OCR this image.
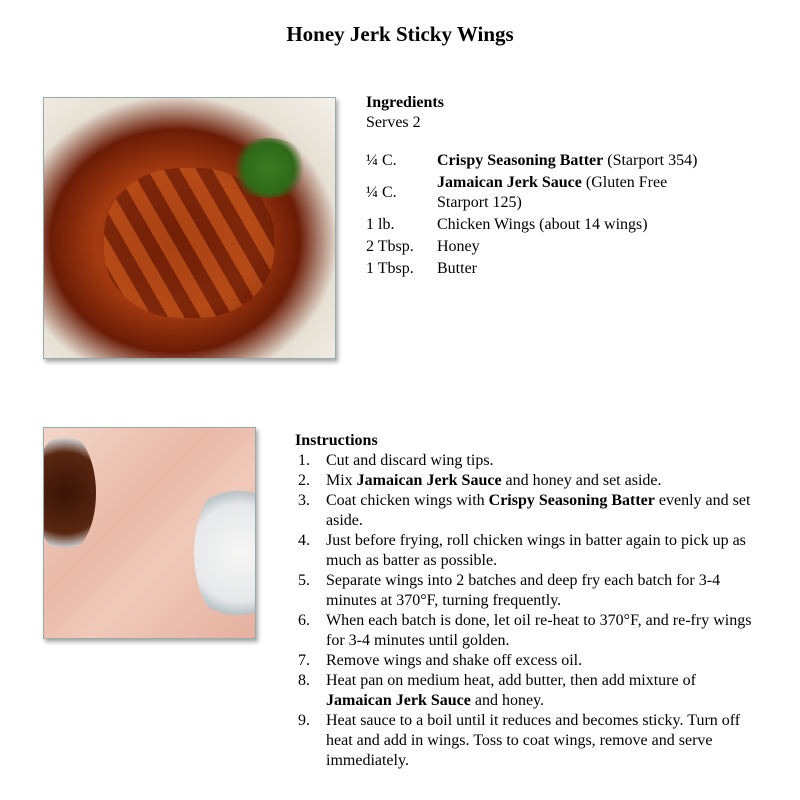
Honey Jerk Sticky Wings
Ingredients
Serves 2
¼ C.	Crispy Seasoning Batter (Starport 354)
¼ C.	Jamaican Jerk Sauce (Gluten Free Starport 125)
1 lb.	Chicken Wings (about 14 wings)
2 Tbsp.	Honey
1 Tbsp.	Butter
Instructions
1. Cut and discard wing tips.
2. Mix Jamaican Jerk Sauce and honey and set aside.
3. Coat chicken wings with Crispy Seasoning Batter evenly and set aside.
4. Just before frying, roll chicken wings in batter again to pick up as much as batter as possible.
5. Separate wings into 2 batches and deep fry each batch for 3-4 minutes at 370°F, turning frequently.
6. When each batch is done, let oil re-heat to 370°F, and re-fry wings for 3-4 minutes until golden.
7. Remove wings and shake off excess oil.
8. Heat pan on medium heat, add butter, then add mixture of Jamaican Jerk Sauce and honey.
9. Heat sauce to a boil until it reduces and becomes sticky. Turn off heat and add in wings. Toss to coat wings, remove and serve immediately.
